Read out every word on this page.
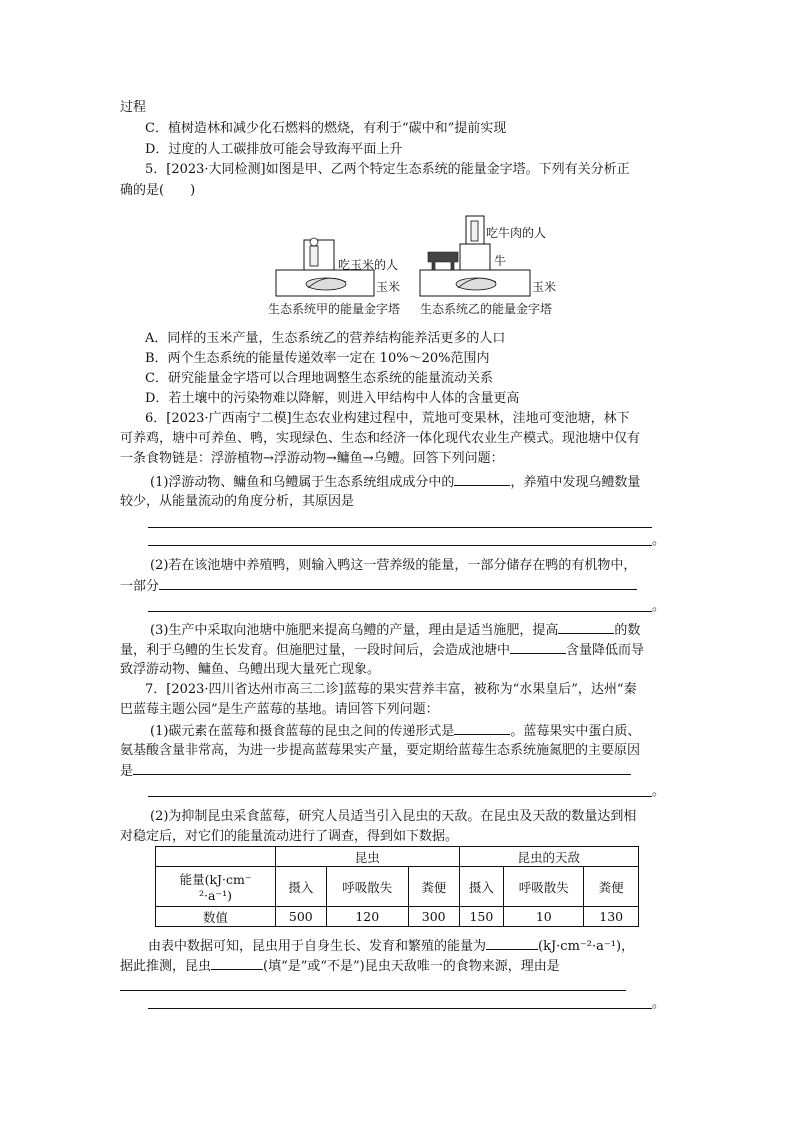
过程
C．植树造林和减少化石燃料的燃烧，有利于“碳中和”提前实现
D．过度的人工碳排放可能会导致海平面上升
5．[2023·大同检测]如图是甲、乙两个特定生态系统的能量金字塔。下列有关分析正
确的是(　　)
吃玉米的人
玉米
生态系统甲的能量金字塔
吃牛肉的人
牛
玉米
生态系统乙的能量金字塔
A．同样的玉米产量，生态系统乙的营养结构能养活更多的人口
B．两个生态系统的能量传递效率一定在 10%～20%范围内
C．研究能量金字塔可以合理地调整生态系统的能量流动关系
D．若土壤中的污染物难以降解，则进入甲结构中人体的含量更高
6．[2023·广西南宁二模]生态农业构建过程中，荒地可变果林，洼地可变池塘，林下
可养鸡，塘中可养鱼、鸭，实现绿色、生态和经济一体化现代农业生产模式。现池塘中仅有
一条食物链是：浮游植物→浮游动物→鳙鱼→乌鳢。回答下列问题：
(1)浮游动物、鳙鱼和乌鳢属于生态系统组成成分中的	，养殖中发现乌鳢数量
较少，从能量流动的角度分析，其原因是
。
(2)若在该池塘中养殖鸭，则输入鸭这一营养级的能量，一部分储存在鸭的有机物中，
一部分
。
(3)生产中采取向池塘中施肥来提高乌鳢的产量，理由是适当施肥，提高	的数
量，利于乌鳢的生长发育。但施肥过量，一段时间后，会造成池塘中	含量降低而导
致浮游动物、鳙鱼、乌鳢出现大量死亡现象。
7．[2023·四川省达州市高三二诊]蓝莓的果实营养丰富，被称为“水果皇后”，达州“秦
巴蓝莓主题公园”是生产蓝莓的基地。请回答下列问题：
(1)碳元素在蓝莓和摄食蓝莓的昆虫之间的传递形式是	。蓝莓果实中蛋白质、
氨基酸含量非常高，为进一步提高蓝莓果实产量，要定期给蓝莓生态系统施氮肥的主要原因
是
。
(2)为抑制昆虫采食蓝莓，研究人员适当引入昆虫的天敌。在昆虫及天敌的数量达到相
对稳定后，对它们的能量流动进行了调查，得到如下数据。
	昆虫			昆虫的天敌		
能量(kJ·cm⁻
²·a⁻¹)	摄入	呼吸散失	粪便	摄入	呼吸散失	粪便
数值	500	120	300	150	10	130
由表中数据可知，昆虫用于自身生长、发育和繁殖的能量为	(kJ·cm⁻²·a⁻¹)，
据此推测，昆虫	(填“是”或“不是”)昆虫天敌唯一的食物来源，理由是
。
